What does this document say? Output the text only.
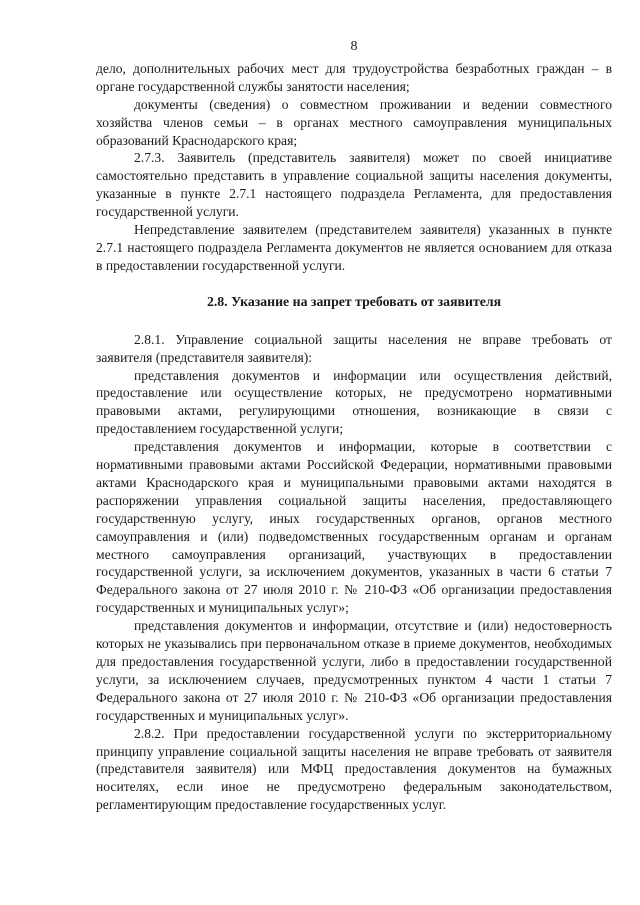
8

дело, дополнительных рабочих мест для трудоустройства безработных граждан – в органе государственной службы занятости населения;

документы (сведения) о совместном проживании и ведении совместного хозяйства членов семьи – в органах местного самоуправления муниципальных образований Краснодарского края;

2.7.3. Заявитель (представитель заявителя) может по своей инициативе самостоятельно представить в управление социальной защиты населения документы, указанные в пункте 2.7.1 настоящего подраздела Регламента, для предоставления государственной услуги.

Непредставление заявителем (представителем заявителя) указанных в пункте 2.7.1 настоящего подраздела Регламента документов не является основанием для отказа в предоставлении государственной услуги.

2.8. Указание на запрет требовать от заявителя

2.8.1. Управление социальной защиты населения не вправе требовать от заявителя (представителя заявителя):

представления документов и информации или осуществления действий, предоставление или осуществление которых, не предусмотрено нормативными правовыми актами, регулирующими отношения, возникающие в связи с предоставлением государственной услуги;

представления документов и информации, которые в соответствии с нормативными правовыми актами Российской Федерации, нормативными правовыми актами Краснодарского края и муниципальными правовыми актами находятся в распоряжении управления социальной защиты населения, предоставляющего государственную услугу, иных государственных органов, органов местного самоуправления и (или) подведомственных государственным органам и органам местного самоуправления организаций, участвующих в предоставлении государственной услуги, за исключением документов, указанных в части 6 статьи 7 Федерального закона от 27 июля 2010 г. № 210-ФЗ «Об организации предоставления государственных и муниципальных услуг»;

представления документов и информации, отсутствие и (или) недостоверность которых не указывались при первоначальном отказе в приеме документов, необходимых для предоставления государственной услуги, либо в предоставлении государственной услуги, за исключением случаев, предусмотренных пунктом 4 части 1 статьи 7 Федерального закона от 27 июля 2010 г. № 210-ФЗ «Об организации предоставления государственных и муниципальных услуг».

2.8.2. При предоставлении государственной услуги по экстерриториальному принципу управление социальной защиты населения не вправе требовать от заявителя (представителя заявителя) или МФЦ предоставления документов на бумажных носителях, если иное не предусмотрено федеральным законодательством, регламентирующим предоставление государственных услуг.
